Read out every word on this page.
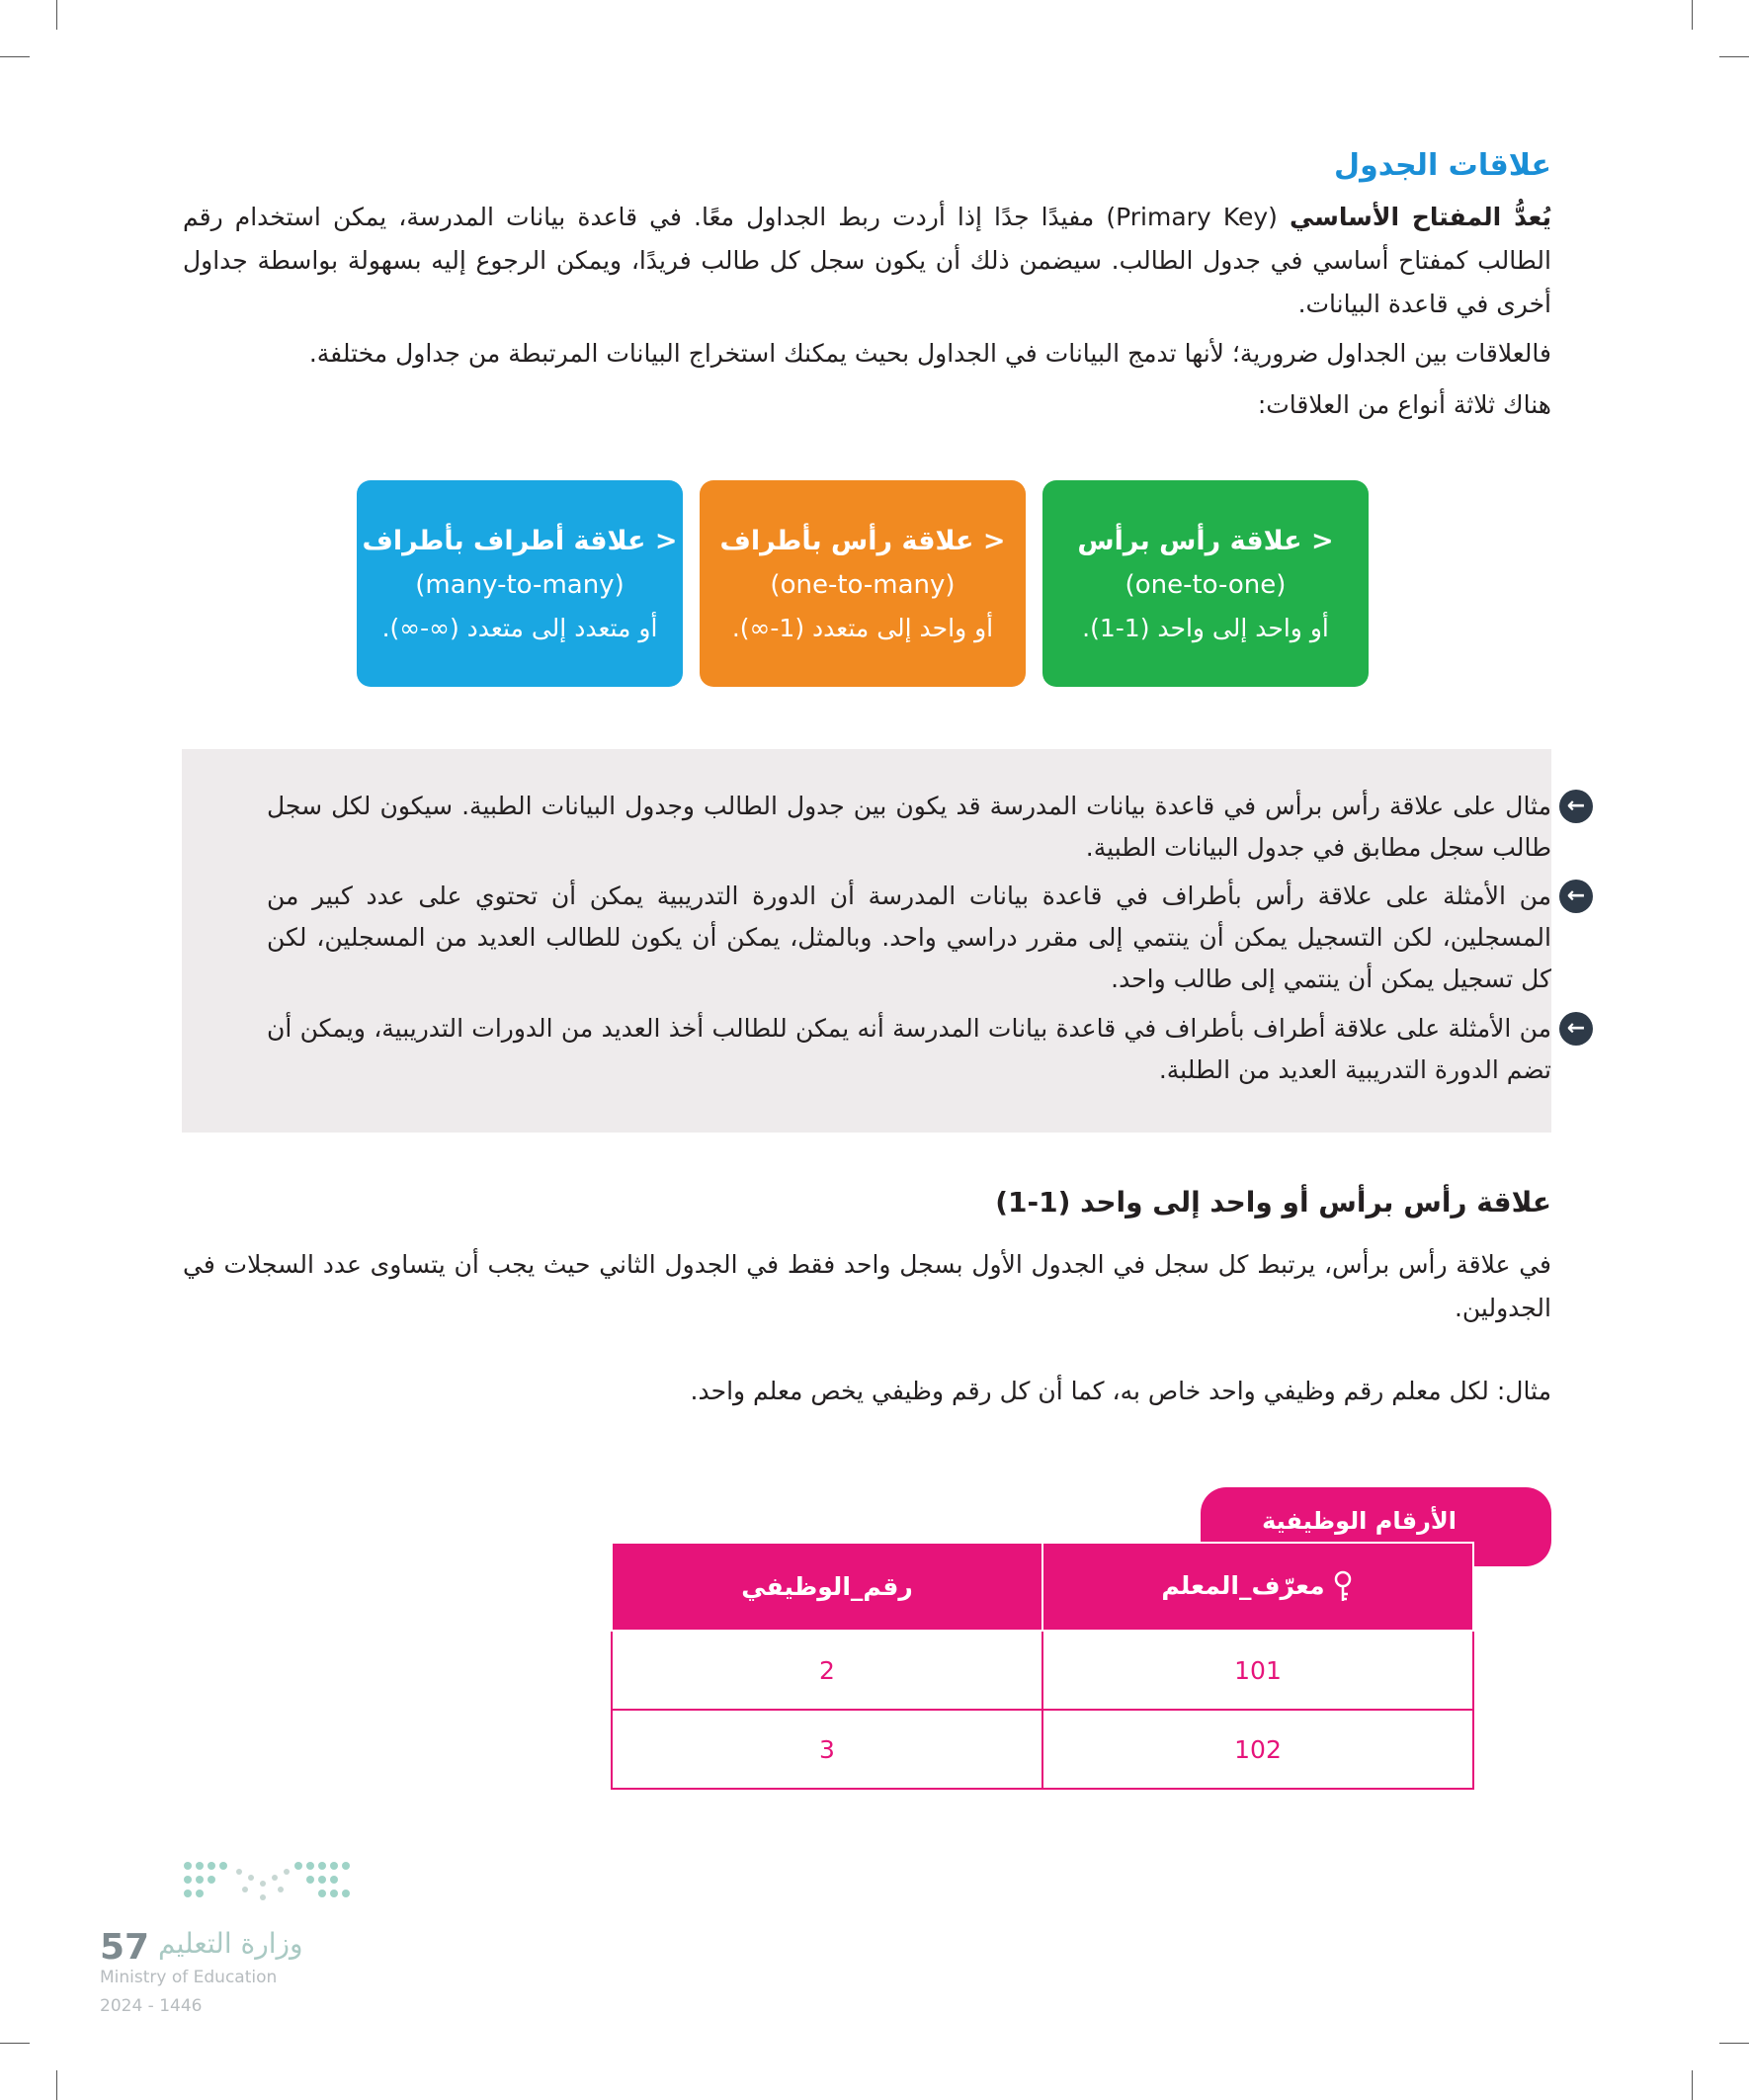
علاقات الجدول

يُعدُّ المفتاح الأساسي (Primary Key) مفيدًا جدًا إذا أردت ربط الجداول معًا. في قاعدة بيانات المدرسة، يمكن استخدام رقم الطالب كمفتاح أساسي في جدول الطالب. سيضمن ذلك أن يكون سجل كل طالب فريدًا، ويمكن الرجوع إليه بسهولة بواسطة جداول أخرى في قاعدة البيانات.

فالعلاقات بين الجداول ضرورية؛ لأنها تدمج البيانات في الجداول بحيث يمكنك استخراج البيانات المرتبطة من جداول مختلفة.

هناك ثلاثة أنواع من العلاقات:

< علاقة رأس برأس
(one-to-one)
أو واحد إلى واحد (1-1).
< علاقة رأس بأطراف
(one-to-many)
أو واحد إلى متعدد (1-∞).
< علاقة أطراف بأطراف
(many-to-many)
أو متعدد إلى متعدد (∞-∞).
←
مثال على علاقة رأس برأس في قاعدة بيانات المدرسة قد يكون بين جدول الطالب وجدول البيانات الطبية. سيكون لكل سجل طالب سجل مطابق في جدول البيانات الطبية.
←
من الأمثلة على علاقة رأس بأطراف في قاعدة بيانات المدرسة أن الدورة التدريبية يمكن أن تحتوي على عدد كبير من المسجلين، لكن التسجيل يمكن أن ينتمي إلى مقرر دراسي واحد. وبالمثل، يمكن أن يكون للطالب العديد من المسجلين، لكن كل تسجيل يمكن أن ينتمي إلى طالب واحد.
←
من الأمثلة على علاقة أطراف بأطراف في قاعدة بيانات المدرسة أنه يمكن للطالب أخذ العديد من الدورات التدريبية، ويمكن أن تضم الدورة التدريبية العديد من الطلبة.
علاقة رأس برأس أو واحد إلى واحد (1-1)

في علاقة رأس برأس، يرتبط كل سجل في الجدول الأول بسجل واحد فقط في الجدول الثاني حيث يجب أن يتساوى عدد السجلات في الجدولين.

مثال: لكل معلم رقم وظيفي واحد خاص به، كما أن كل رقم وظيفي يخص معلم واحد.

الأرقام الوظيفية
معرّف_المعلم	رقم_الوظيفي
101	2
102	3
وزارة التعليم
57
Ministry of Education
2024 - 1446
